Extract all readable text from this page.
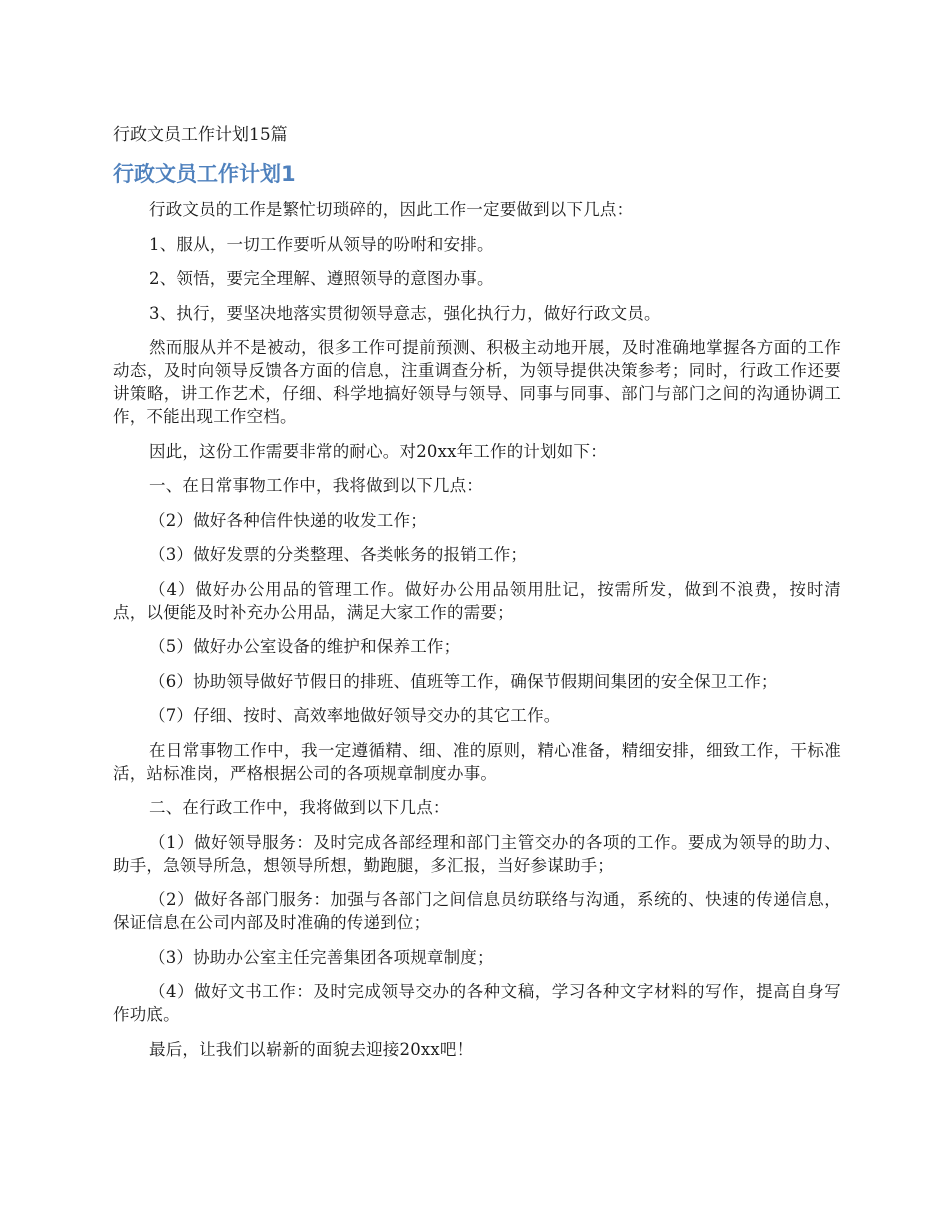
行政文员工作计划15篇
行政文员工作计划1

行政文员的工作是繁忙切琐碎的，因此工作一定要做到以下几点：

1、服从，一切工作要听从领导的吩咐和安排。

2、领悟，要完全理解、遵照领导的意图办事。

3、执行，要坚决地落实贯彻领导意志，强化执行力，做好行政文员。

然而服从并不是被动，很多工作可提前预测、积极主动地开展，及时准确地掌握各方面的工作动态，及时向领导反馈各方面的信息，注重调查分析，为领导提供决策参考；同时，行政工作还要讲策略，讲工作艺术，仔细、科学地搞好领导与领导、同事与同事、部门与部门之间的沟通协调工作，不能出现工作空档。

因此，这份工作需要非常的耐心。对20xx年工作的计划如下：

一、在日常事物工作中，我将做到以下几点：

（2）做好各种信件快递的收发工作；

（3）做好发票的分类整理、各类帐务的报销工作；

（4）做好办公用品的管理工作。做好办公用品领用肚记，按需所发，做到不浪费，按时清点，以便能及时补充办公用品，满足大家工作的需要；

（5）做好办公室设备的维护和保养工作；

（6）协助领导做好节假日的排班、值班等工作，确保节假期间集团的安全保卫工作；

（7）仔细、按时、高效率地做好领导交办的其它工作。

在日常事物工作中，我一定遵循精、细、准的原则，精心准备，精细安排，细致工作，干标准活，站标准岗，严格根据公司的各项规章制度办事。

二、在行政工作中，我将做到以下几点：

（1）做好领导服务：及时完成各部经理和部门主管交办的各项的工作。要成为领导的助力、助手，急领导所急，想领导所想，勤跑腿，多汇报，当好参谋助手；

（2）做好各部门服务：加强与各部门之间信息员纺联络与沟通，系统的、快速的传递信息，保证信息在公司内部及时准确的传递到位；

（3）协助办公室主任完善集团各项规章制度；

（4）做好文书工作：及时完成领导交办的各种文稿，学习各种文字材料的写作，提高自身写作功底。

最后，让我们以崭新的面貌去迎接20xx吧！
